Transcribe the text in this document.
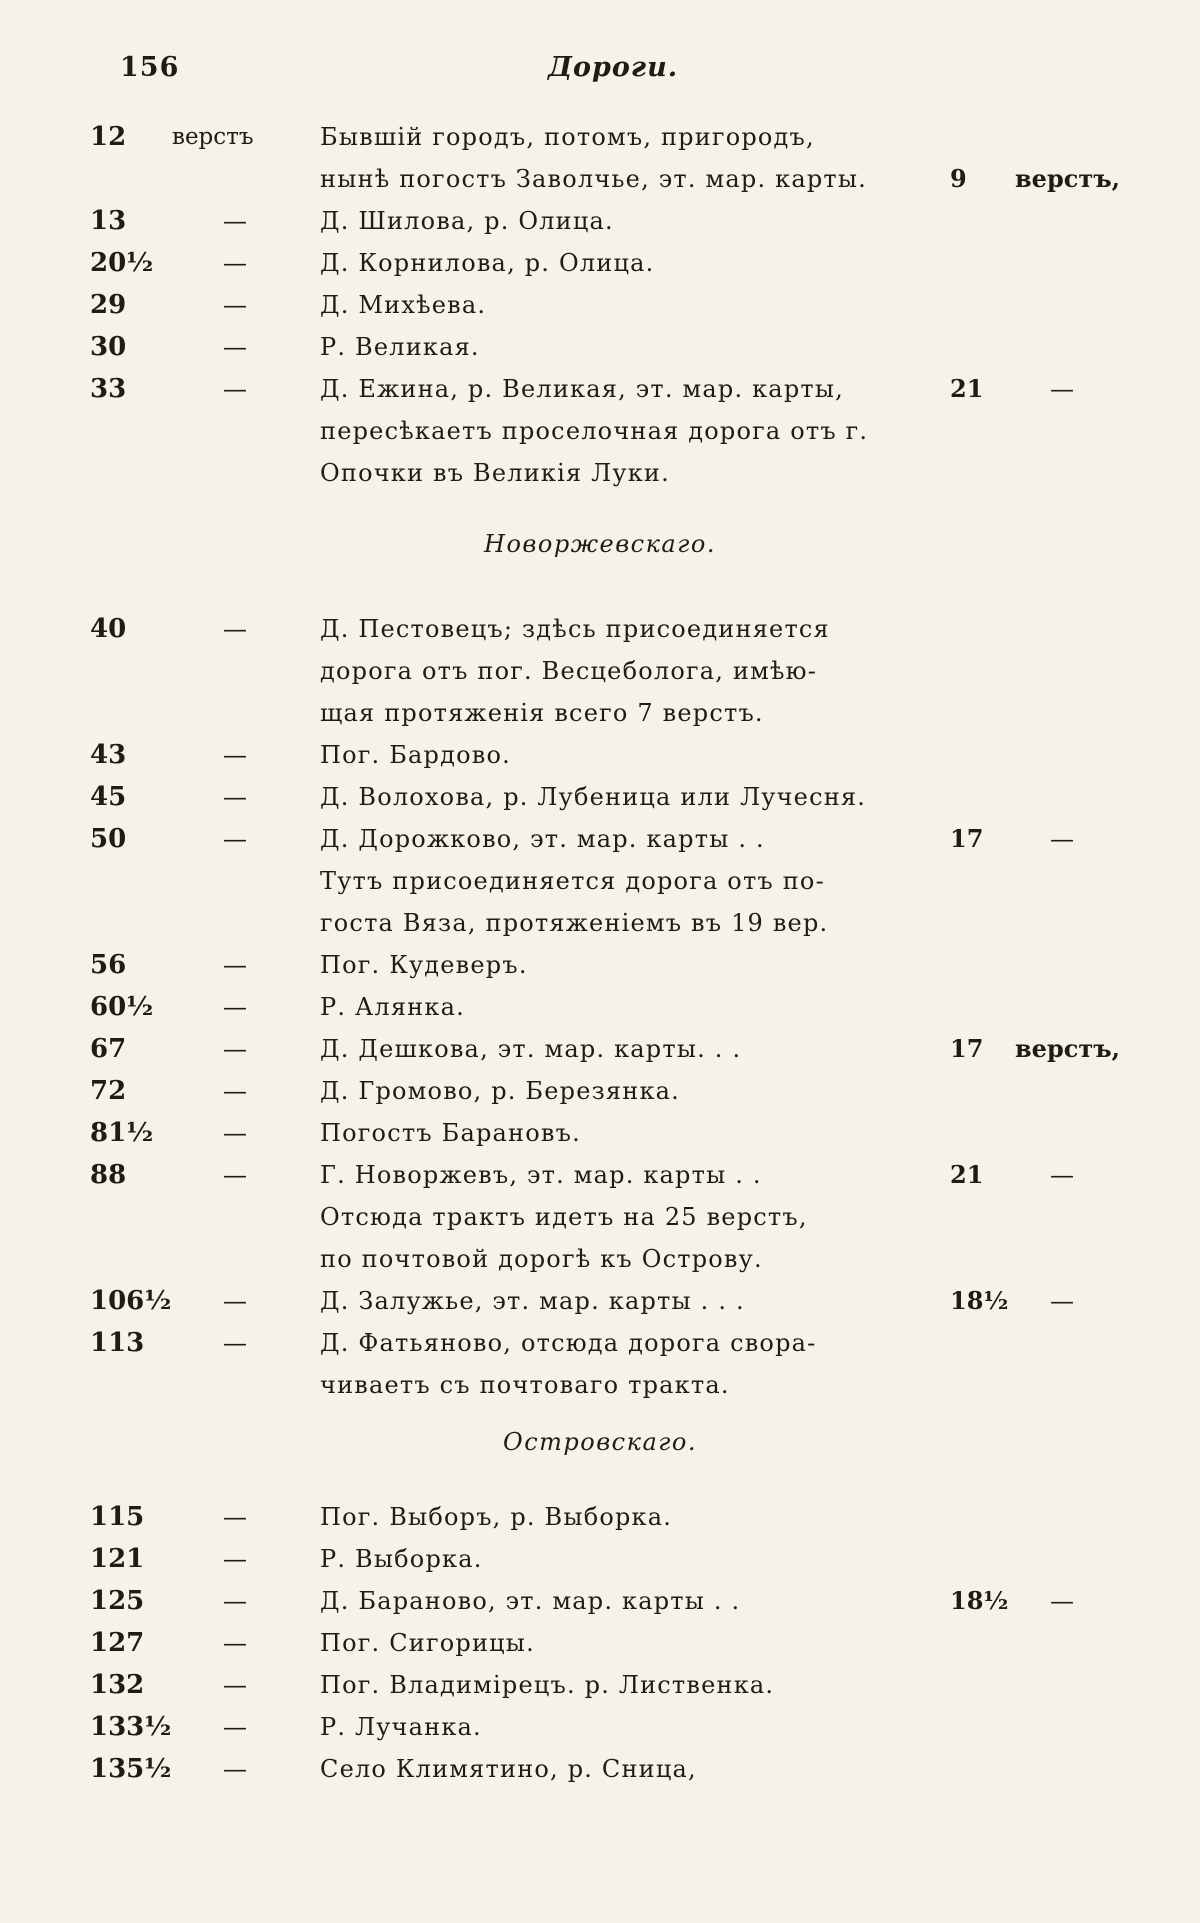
156	Дороги.
12 верстъ	Бывшій городъ, потомъ, пригородъ,
нынѣ погостъ Заволчье, эт. мар. карты.	9 верстъ,
13	—	Д. Шилова, р. Олица.
20½	—	Д. Корнилова, р. Олица.
29	—	Д. Михѣева.
30	—	Р. Великая.
33	—	Д. Ежина, р. Великая, эт. мар. карты,	21	—
пересѣкаетъ проселочная дорога отъ г.
Опочки въ Великія Луки.
Новоржевскаго.
40	—	Д. Пестовецъ; здѣсь присоединяется
дорога отъ пог. Весцеболога, имѣю-
щая протяженія всего 7 верстъ.
43	—	Пог. Бардово.
45	—	Д. Волохова, р. Лубеница или Лучесня.
50	—	Д. Дорожково, эт. мар. карты . .	17	—
Тутъ присоединяется дорога отъ по-
госта Вяза, протяженіемъ въ 19 вер.
56	—	Пог. Кудеверъ.
60½	—	Р. Алянка.
67	—	Д. Дешкова, эт. мар. карты. . .	17 верстъ,
72	—	Д. Громово, р. Березянка.
81½	—	Погостъ Барановъ.
88	—	Г. Новоржевъ, эт. мар. карты . .	21	—
Отсюда трактъ идетъ на 25 верстъ,
по почтовой дорогѣ къ Острову.
106½	—	Д. Залужье, эт. мар. карты . . .	18½ —
113	—	Д. Фатьяново, отсюда дорога свора-
чиваетъ съ почтоваго тракта.
Островскаго.
115	—	Пог. Выборъ, р. Выборка.
121	—	Р. Выборка.
125	—	Д. Бараново, эт. мар. карты . .	18½ —
127	—	Пог. Сигорицы.
132	—	Пог. Владимірецъ. р. Лиственка.
133½	—	Р. Лучанка.
135½	—	Село Климятино, р. Сница,
